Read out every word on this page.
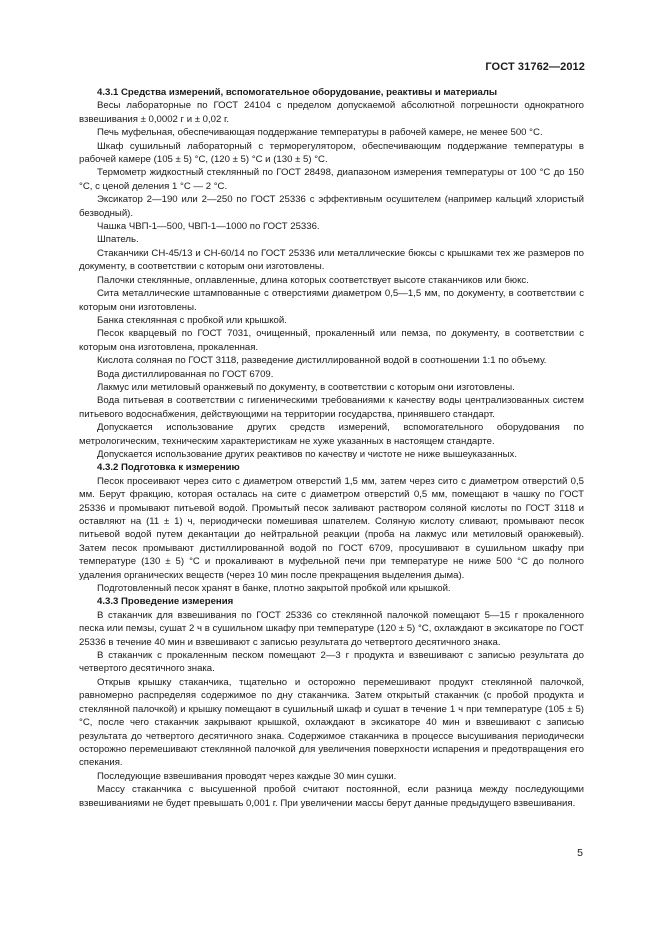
ГОСТ 31762—2012

4.3.1 Средства измерений, вспомогательное оборудование, реактивы и материалы

Весы лабораторные по ГОСТ 24104 с пределом допускаемой абсолютной погрешности однократного взвешивания ± 0,0002 г и ± 0,02 г.

Печь муфельная, обеспечивающая поддержание температуры в рабочей камере, не менее 500 °С.

Шкаф сушильный лабораторный с терморегулятором, обеспечивающим поддержание температуры в рабочей камере (105 ± 5) °С, (120 ± 5) °С и (130 ± 5) °С.

Термометр жидкостный стеклянный по ГОСТ 28498, диапазоном измерения температуры от 100 °С до 150 °С, с ценой деления 1 °С — 2 °С.

Эксикатор 2—190 или 2—250 по ГОСТ 25336 с эффективным осушителем (например кальций хлористый безводный).

Чашка ЧВП-1—500, ЧВП-1—1000 по ГОСТ 25336.

Шпатель.

Стаканчики СН-45/13 и СН-60/14 по ГОСТ 25336 или металлические бюксы с крышками тех же размеров по документу, в соответствии с которым они изготовлены.

Палочки стеклянные, оплавленные, длина которых соответствует высоте стаканчиков или бюкс.

Сита металлические штампованные с отверстиями диаметром 0,5—1,5 мм, по документу, в соответствии с которым они изготовлены.

Банка стеклянная с пробкой или крышкой.

Песок кварцевый по ГОСТ 7031, очищенный, прокаленный или пемза, по документу, в соответствии с которым она изготовлена, прокаленная.

Кислота соляная по ГОСТ 3118, разведение дистиллированной водой в соотношении 1:1 по объему.

Вода дистиллированная по ГОСТ 6709.

Лакмус или метиловый оранжевый по документу, в соответствии с которым они изготовлены.

Вода питьевая в соответствии с гигиеническими требованиями к качеству воды централизованных систем питьевого водоснабжения, действующими на территории государства, принявшего стандарт.

Допускается использование других средств измерений, вспомогательного оборудования по метрологическим, техническим характеристикам не хуже указанных в настоящем стандарте.

Допускается использование других реактивов по качеству и чистоте не ниже вышеуказанных.

4.3.2 Подготовка к измерению

Песок просеивают через сито с диаметром отверстий 1,5 мм, затем через сито с диаметром отверстий 0,5 мм. Берут фракцию, которая осталась на сите с диаметром отверстий 0,5 мм, помещают в чашку по ГОСТ 25336 и промывают питьевой водой. Промытый песок заливают раствором соляной кислоты по ГОСТ 3118 и оставляют на (11 ± 1) ч, периодически помешивая шпателем. Соляную кислоту сливают, промывают песок питьевой водой путем декантации до нейтральной реакции (проба на лакмус или метиловый оранжевый). Затем песок промывают дистиллированной водой по ГОСТ 6709, просушивают в сушильном шкафу при температуре (130 ± 5) °С и прокаливают в муфельной печи при температуре не ниже 500 °С до полного удаления органических веществ (через 10 мин после прекращения выделения дыма).

Подготовленный песок хранят в банке, плотно закрытой пробкой или крышкой.

4.3.3 Проведение измерения

В стаканчик для взвешивания по ГОСТ 25336 со стеклянной палочкой помещают 5—15 г прокаленного песка или пемзы, сушат 2 ч в сушильном шкафу при температуре (120 ± 5) °С, охлаждают в эксикаторе по ГОСТ 25336 в течение 40 мин и взвешивают с записью результата до четвертого десятичного знака.

В стаканчик с прокаленным песком помещают 2—3 г продукта и взвешивают с записью результата до четвертого десятичного знака.

Открыв крышку стаканчика, тщательно и осторожно перемешивают продукт стеклянной палочкой, равномерно распределяя содержимое по дну стаканчика. Затем открытый стаканчик (с пробой продукта и стеклянной палочкой) и крышку помещают в сушильный шкаф и сушат в течение 1 ч при температуре (105 ± 5) °С, после чего стаканчик закрывают крышкой, охлаждают в эксикаторе 40 мин и взвешивают с записью результата до четвертого десятичного знака. Содержимое стаканчика в процессе высушивания периодически осторожно перемешивают стеклянной палочкой для увеличения поверхности испарения и предотвращения его спекания.

Последующие взвешивания проводят через каждые 30 мин сушки.

Массу стаканчика с высушенной пробой считают постоянной, если разница между последующими взвешиваниями не будет превышать 0,001 г. При увеличении массы берут данные предыдущего взвешивания.

5
